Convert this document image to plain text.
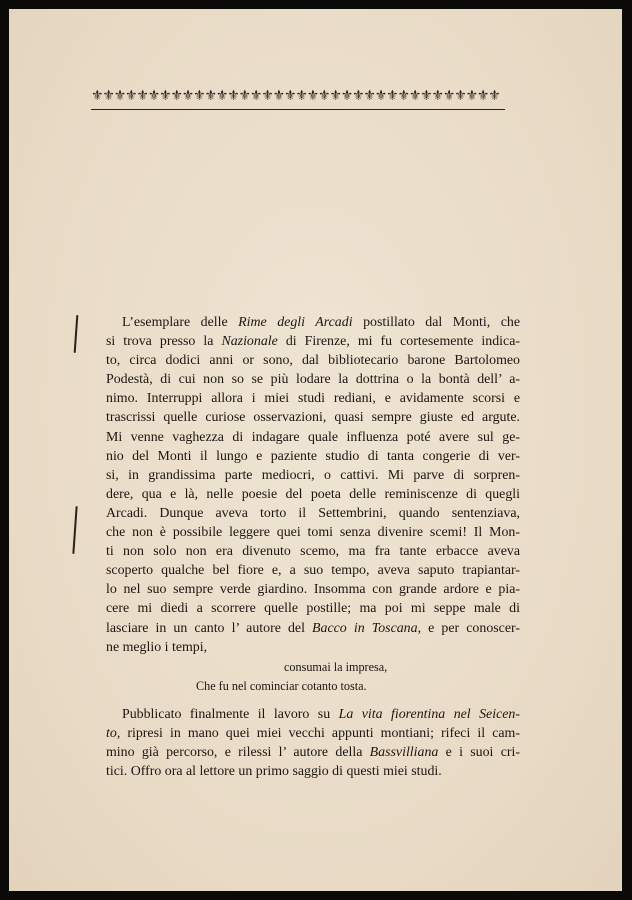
⚜⚜⚜⚜⚜⚜⚜⚜⚜⚜⚜⚜⚜⚜⚜⚜⚜⚜⚜⚜⚜⚜⚜⚜⚜⚜⚜⚜⚜⚜⚜⚜⚜⚜⚜⚜
L’esemplare delle Rime degli Arcadi postillato dal Monti, che
si trova presso la Nazionale di Firenze, mi fu cortesemente indica-
to, circa dodici anni or sono, dal bibliotecario barone Bartolomeo
Podestà, di cui non so se più lodare la dottrina o la bontà dell’ a-
nimo. Interruppi allora i miei studi rediani, e avidamente scorsi e
trascrissi quelle curiose osservazioni, quasi sempre giuste ed argute.
Mi venne vaghezza di indagare quale influenza poté avere sul ge-
nio del Monti il lungo e paziente studio di tanta congerie di ver-
si, in grandissima parte mediocri, o cattivi. Mi parve di sorpren-
dere, qua e là, nelle poesie del poeta delle reminiscenze di quegli
Arcadi. Dunque aveva torto il Settembrini, quando sentenziava,
che non è possibile leggere quei tomi senza divenire scemi! Il Mon-
ti non solo non era divenuto scemo, ma fra tante erbacce aveva
scoperto qualche bel fiore e, a suo tempo, aveva saputo trapiantar-
lo nel suo sempre verde giardino. Insomma con grande ardore e pia-
cere mi diedi a scorrere quelle postille; ma poi mi seppe male di
lasciare in un canto l’ autore del Bacco in Toscana, e per conoscer-
ne meglio i tempi,
consumai la impresa,
Che fu nel cominciar cotanto tosta.
Pubblicato finalmente il lavoro su La vita fiorentina nel Seicen-
to, ripresi in mano quei miei vecchi appunti montiani; rifeci il cam-
mino già percorso, e rilessi l’ autore della Bassvilliana e i suoi cri-
tici. Offro ora al lettore un primo saggio di questi miei studi.
